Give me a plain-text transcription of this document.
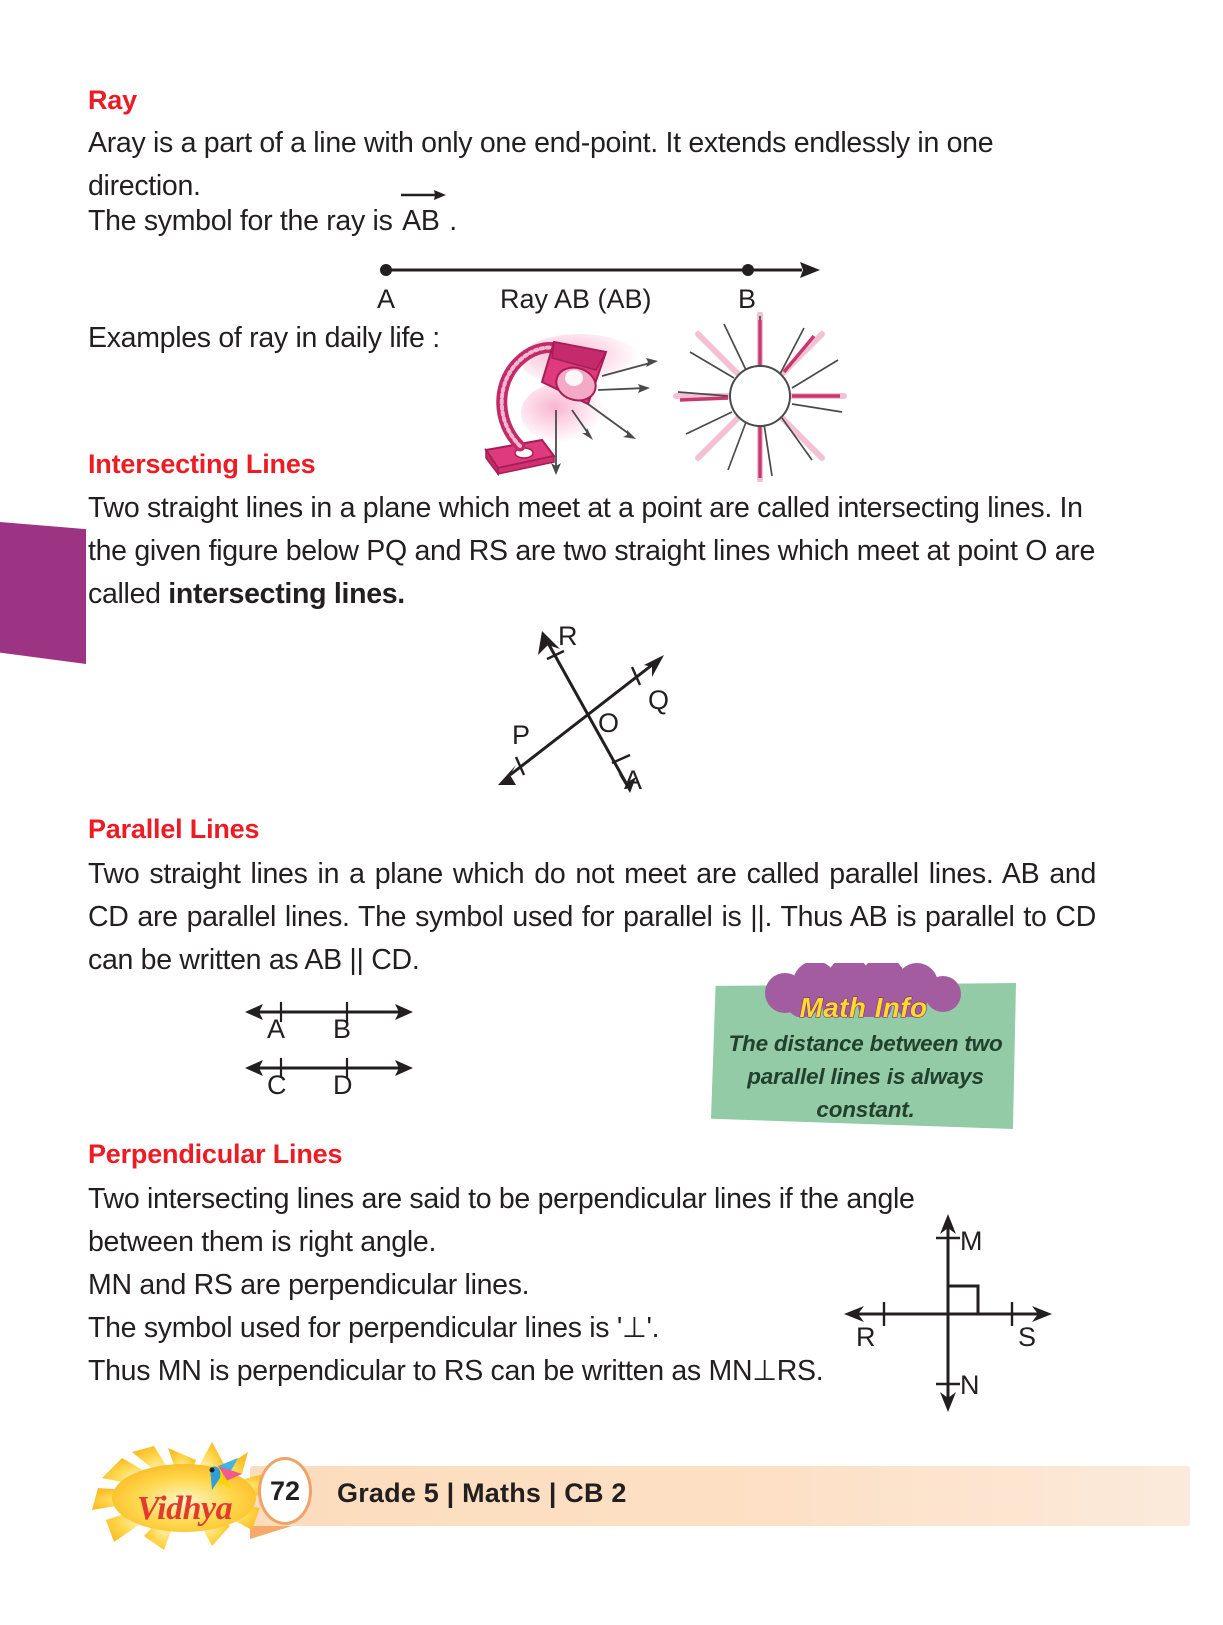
Ray

Aray is a part of a line with only one end-point. It extends endlessly in one direction.

The symbol for the ray is
AB .

A	Ray AB (AB)	B
Examples of ray in daily life :
Intersecting Lines

Two straight lines in a plane which meet at a point are called intersecting lines. In the given figure below PQ and RS are two straight lines which meet at point O are called intersecting lines.

R
Q
P	O
A
Parallel Lines

Two straight lines in a plane which do not meet are called parallel lines. AB and CD are parallel lines. The symbol used for parallel is ||. Thus AB is parallel to CD can be written as AB || CD.

A B
C D
Math Info
The distance between two parallel lines is always constant.
Perpendicular Lines

Two intersecting lines are said to be perpendicular lines if the angle between them is right angle.

MN and RS are perpendicular lines.

The symbol used for perpendicular lines is '⊥'.

Thus MN is perpendicular to RS can be written as MN⊥RS.

M
N
R	S
Vidhya	72	Grade 5 | Maths | CB 2
